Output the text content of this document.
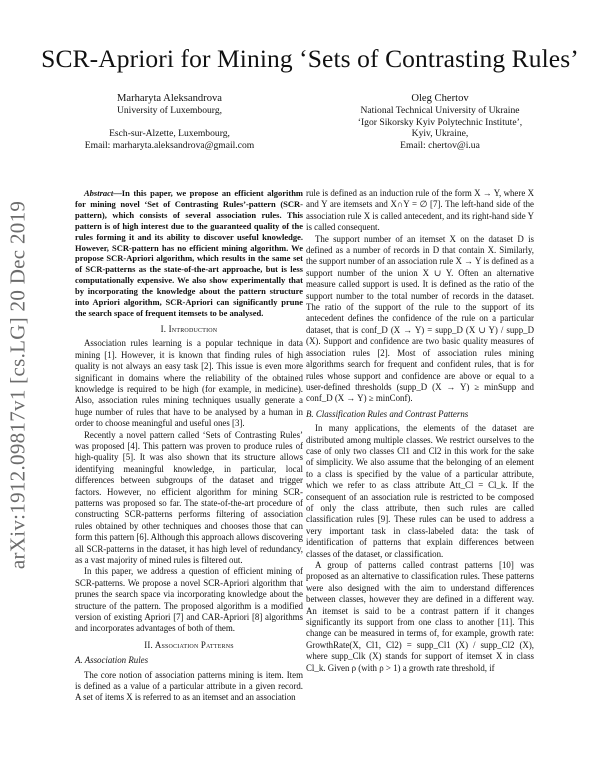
arXiv:1912.09817v1 [cs.LG] 20 Dec 2019
SCR-Apriori for Mining ‘Sets of Contrasting Rules’
Marharyta Aleksandrova
University of Luxembourg,

Esch-sur-Alzette, Luxembourg,
Email: marharyta.aleksandrova@gmail.com
Oleg Chertov
National Technical University of Ukraine
‘Igor Sikorsky Kyiv Polytechnic Institute’,
Kyiv, Ukraine,
Email: chertov@i.ua

Abstract—In this paper, we propose an efficient algorithm for mining novel ‘Set of Contrasting Rules’-pattern (SCR-pattern), which consists of several association rules. This pattern is of high interest due to the guaranteed quality of the rules forming it and its ability to discover useful knowledge. However, SCR-pattern has no efficient mining algorithm. We propose SCR-Apriori algorithm, which results in the same set of SCR-patterns as the state-of-the-art approache, but is less computationally expensive. We also show experimentally that by incorporating the knowledge about the pattern structure into Apriori algorithm, SCR-Apriori can significantly prune the search space of frequent itemsets to be analysed.

I. Introduction

Association rules learning is a popular technique in data mining [1]. However, it is known that finding rules of high quality is not always an easy task [2]. This issue is even more significant in domains where the reliability of the obtained knowledge is required to be high (for example, in medicine). Also, association rules mining techniques usually generate a huge number of rules that have to be analysed by a human in order to choose meaningful and useful ones [3].

Recently a novel pattern called ‘Sets of Contrasting Rules’ was proposed [4]. This pattern was proven to produce rules of high-quality [5]. It was also shown that its structure allows identifying meaningful knowledge, in particular, local differences between subgroups of the dataset and trigger factors. However, no efficient algorithm for mining SCR-patterns was proposed so far. The state-of-the-art procedure of constructing SCR-patterns performs filtering of association rules obtained by other techniques and chooses those that can form this pattern [6]. Although this approach allows discovering all SCR-patterns in the dataset, it has high level of redundancy, as a vast majority of mined rules is filtered out.

In this paper, we address a question of efficient mining of SCR-patterns. We propose a novel SCR-Apriori algorithm that prunes the search space via incorporating knowledge about the structure of the pattern. The proposed algorithm is a modified version of existing Apriori [7] and CAR-Apriori [8] algorithms and incorporates advantages of both of them.

II. Association Patterns
A. Association Rules

The core notion of association patterns mining is item. Item is defined as a value of a particular attribute in a given record. A set of items X is referred to as an itemset and an association

rule is defined as an induction rule of the form X → Y, where X and Y are itemsets and X∩Y = ∅ [7]. The left-hand side of the association rule X is called antecedent, and its right-hand side Y is called consequent.

The support number of an itemset X on the dataset D is defined as a number of records in D that contain X. Similarly, the support number of an association rule X → Y is defined as a support number of the union X ∪ Y. Often an alternative measure called support is used. It is defined as the ratio of the support number to the total number of records in the dataset. The ratio of the support of the rule to the support of its antecedent defines the confidence of the rule on a particular dataset, that is conf_D (X → Y) = supp_D (X ∪ Y) / supp_D (X). Support and confidence are two basic quality measures of association rules [2]. Most of association rules mining algorithms search for frequent and confident rules, that is for rules whose support and confidence are above or equal to a user-defined thresholds (supp_D (X → Y) ≥ minSupp and conf_D (X → Y) ≥ minConf).

B. Classification Rules and Contrast Patterns

In many applications, the elements of the dataset are distributed among multiple classes. We restrict ourselves to the case of only two classes Cl1 and Cl2 in this work for the sake of simplicity. We also assume that the belonging of an element to a class is specified by the value of a particular attribute, which we refer to as class attribute Att_Cl = Cl_k. If the consequent of an association rule is restricted to be composed of only the class attribute, then such rules are called classification rules [9]. These rules can be used to address a very important task in class-labeled data: the task of identification of patterns that explain differences between classes of the dataset, or classification.

A group of patterns called contrast patterns [10] was proposed as an alternative to classification rules. These patterns were also designed with the aim to understand differences between classes, however they are defined in a different way. An itemset is said to be a contrast pattern if it changes significantly its support from one class to another [11]. This change can be measured in terms of, for example, growth rate: GrowthRate(X, Cl1, Cl2) = supp_Cl1 (X) / supp_Cl2 (X), where supp_Clk (X) stands for support of itemset X in class Cl_k. Given ρ (with ρ > 1) a growth rate threshold, if
